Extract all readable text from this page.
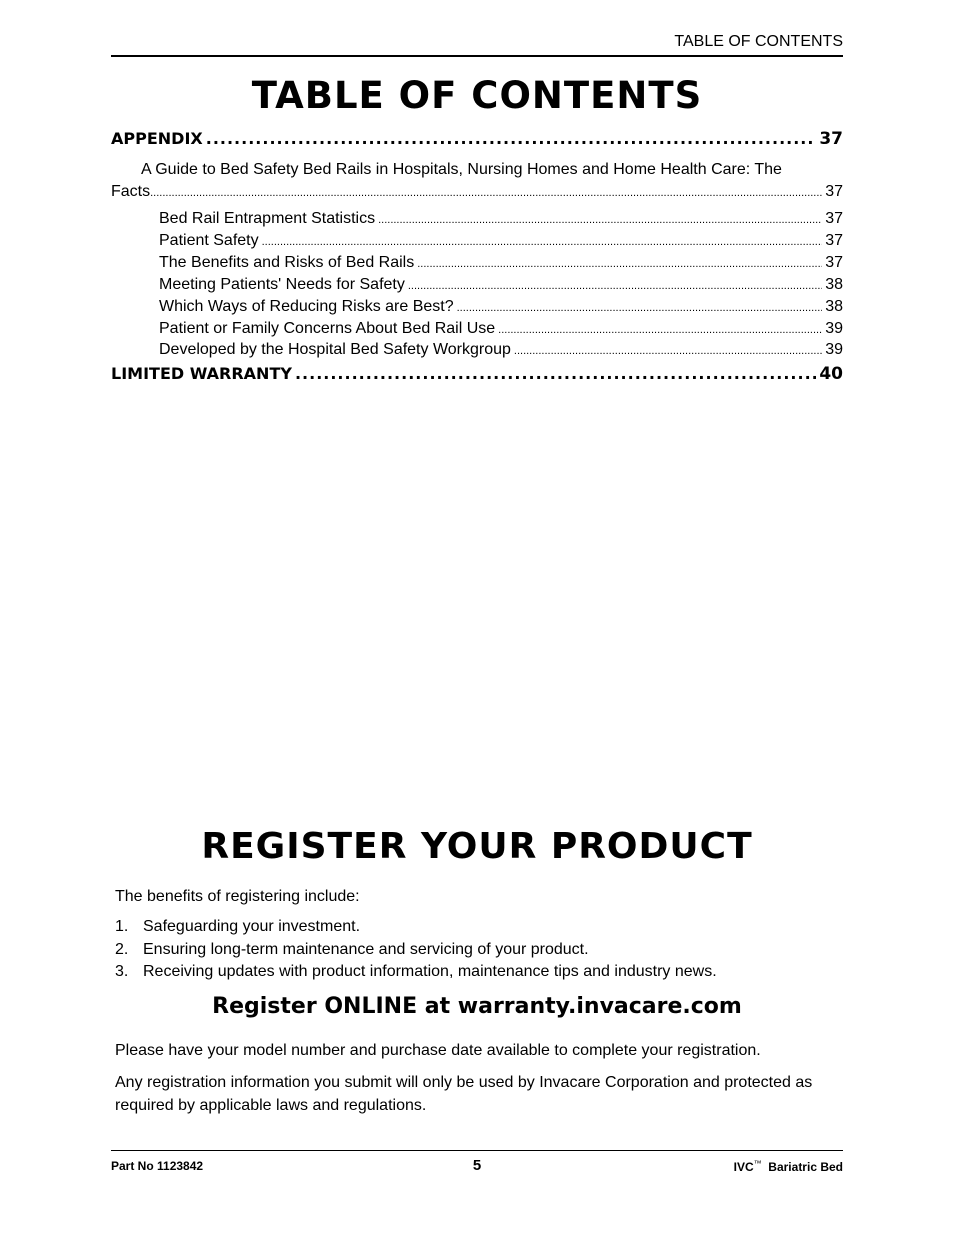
TABLE OF CONTENTS
TABLE OF CONTENTS
APPENDIX .....	37
A Guide to Bed Safety Bed Rails in Hospitals, Nursing Homes and Home Health Care: The
Facts .....	37
Bed Rail Entrapment Statistics .....	37
Patient Safety .....	37
The Benefits and Risks of Bed Rails .....	37
Meeting Patients' Needs for Safety .....	38
Which Ways of Reducing Risks are Best? .....	38
Patient or Family Concerns About Bed Rail Use .....	39
Developed by the Hospital Bed Safety Workgroup .....	39
LIMITED WARRANTY .....	40
REGISTER YOUR PRODUCT
The benefits of registering include:
1. Safeguarding your investment.
2. Ensuring long-term maintenance and servicing of your product.
3. Receiving updates with product information, maintenance tips and industry news.
Register ONLINE at warranty.invacare.com
Please have your model number and purchase date available to complete your registration.
Any registration information you submit will only be used by Invacare Corporation and protected as required by applicable laws and regulations.
Part No 1123842	5	IVC™ Bariatric Bed
